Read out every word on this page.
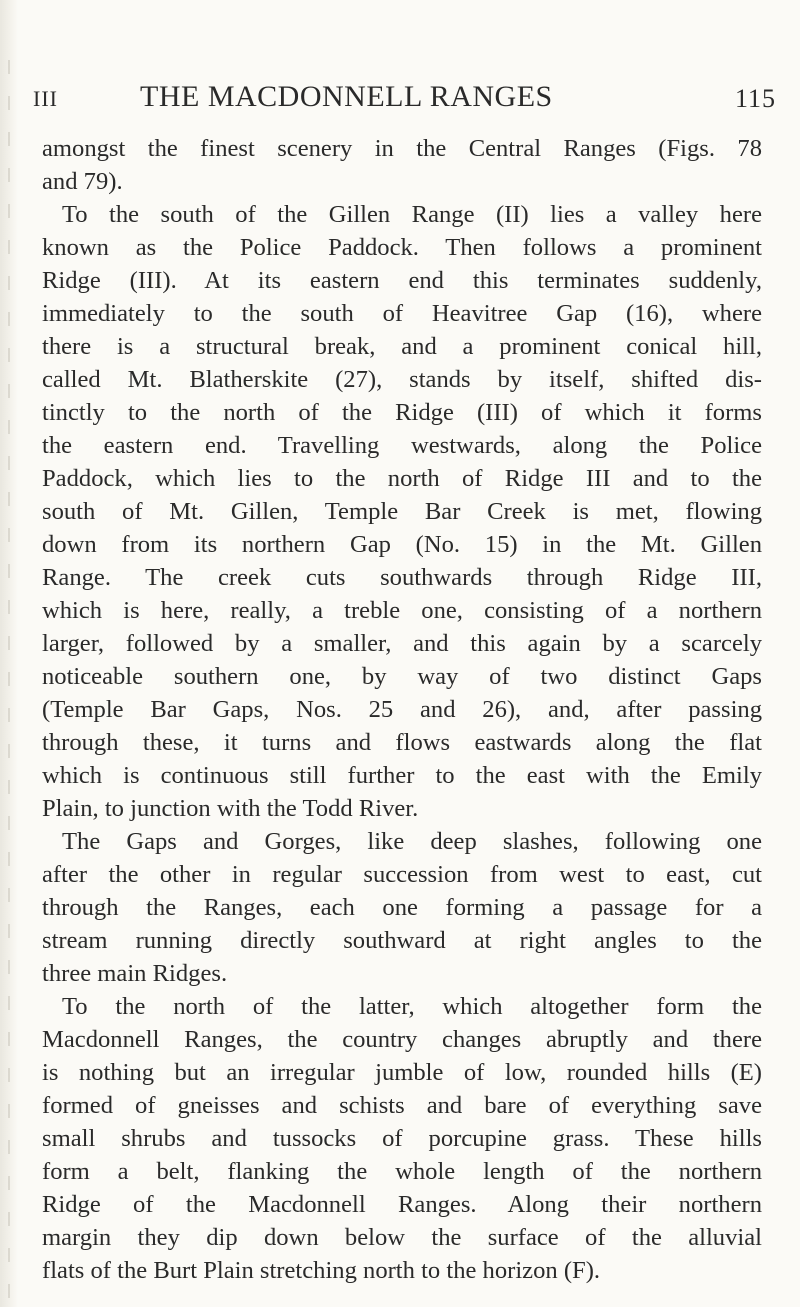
III	THE MACDONNELL RANGES	115
amongst the finest scenery in the Central Ranges (Figs. 78
and 79).
To the south of the Gillen Range (II) lies a valley here
known as the Police Paddock. Then follows a prominent
Ridge (III). At its eastern end this terminates suddenly,
immediately to the south of Heavitree Gap (16), where
there is a structural break, and a prominent conical hill,
called Mt. Blatherskite (27), stands by itself, shifted dis-
tinctly to the north of the Ridge (III) of which it forms
the eastern end. Travelling westwards, along the Police
Paddock, which lies to the north of Ridge III and to the
south of Mt. Gillen, Temple Bar Creek is met, flowing
down from its northern Gap (No. 15) in the Mt. Gillen
Range. The creek cuts southwards through Ridge III,
which is here, really, a treble one, consisting of a northern
larger, followed by a smaller, and this again by a scarcely
noticeable southern one, by way of two distinct Gaps
(Temple Bar Gaps, Nos. 25 and 26), and, after passing
through these, it turns and flows eastwards along the flat
which is continuous still further to the east with the Emily
Plain, to junction with the Todd River.
The Gaps and Gorges, like deep slashes, following one
after the other in regular succession from west to east, cut
through the Ranges, each one forming a passage for a
stream running directly southward at right angles to the
three main Ridges.
To the north of the latter, which altogether form the
Macdonnell Ranges, the country changes abruptly and there
is nothing but an irregular jumble of low, rounded hills (E)
formed of gneisses and schists and bare of everything save
small shrubs and tussocks of porcupine grass. These hills
form a belt, flanking the whole length of the northern
Ridge of the Macdonnell Ranges. Along their northern
margin they dip down below the surface of the alluvial
flats of the Burt Plain stretching north to the horizon (F).
